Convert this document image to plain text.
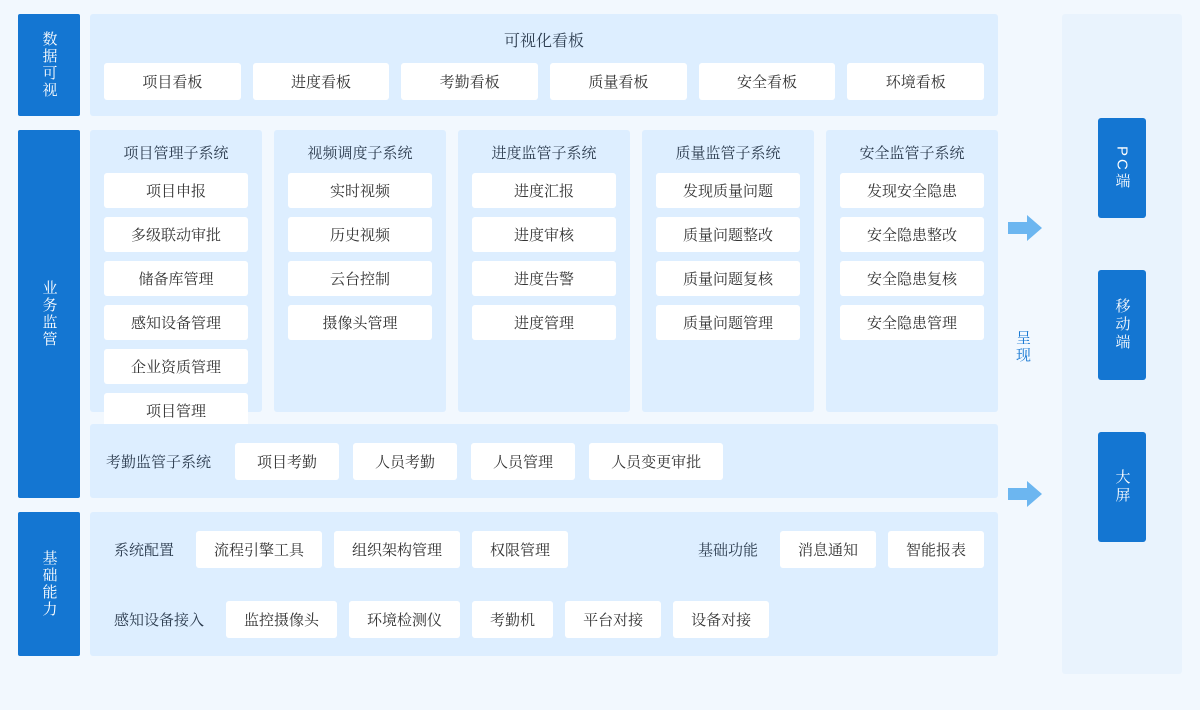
数据可视	可视化看板
项目看板	进度看板	考勤看板	质量看板	安全看板	环境看板
业务监管
项目管理子系统
项目申报
多级联动审批
储备库管理
感知设备管理
企业资质管理
项目管理
视频调度子系统
实时视频
历史视频
云台控制
摄像头管理
进度监管子系统
进度汇报
进度审核
进度告警
进度管理
质量监管子系统
发现质量问题
质量问题整改
质量问题复核
质量问题管理
安全监管子系统
发现安全隐患
安全隐患整改
安全隐患复核
安全隐患管理
考勤监管子系统	项目考勤	人员考勤	人员管理	人员变更审批
基础能力	系统配置	流程引擎工具	组织架构管理	权限管理	基础功能	消息通知	智能报表
感知设备接入	监控摄像头	环境检测仪	考勤机	平台对接	设备对接
PC端
移动端
大屏
呈现
